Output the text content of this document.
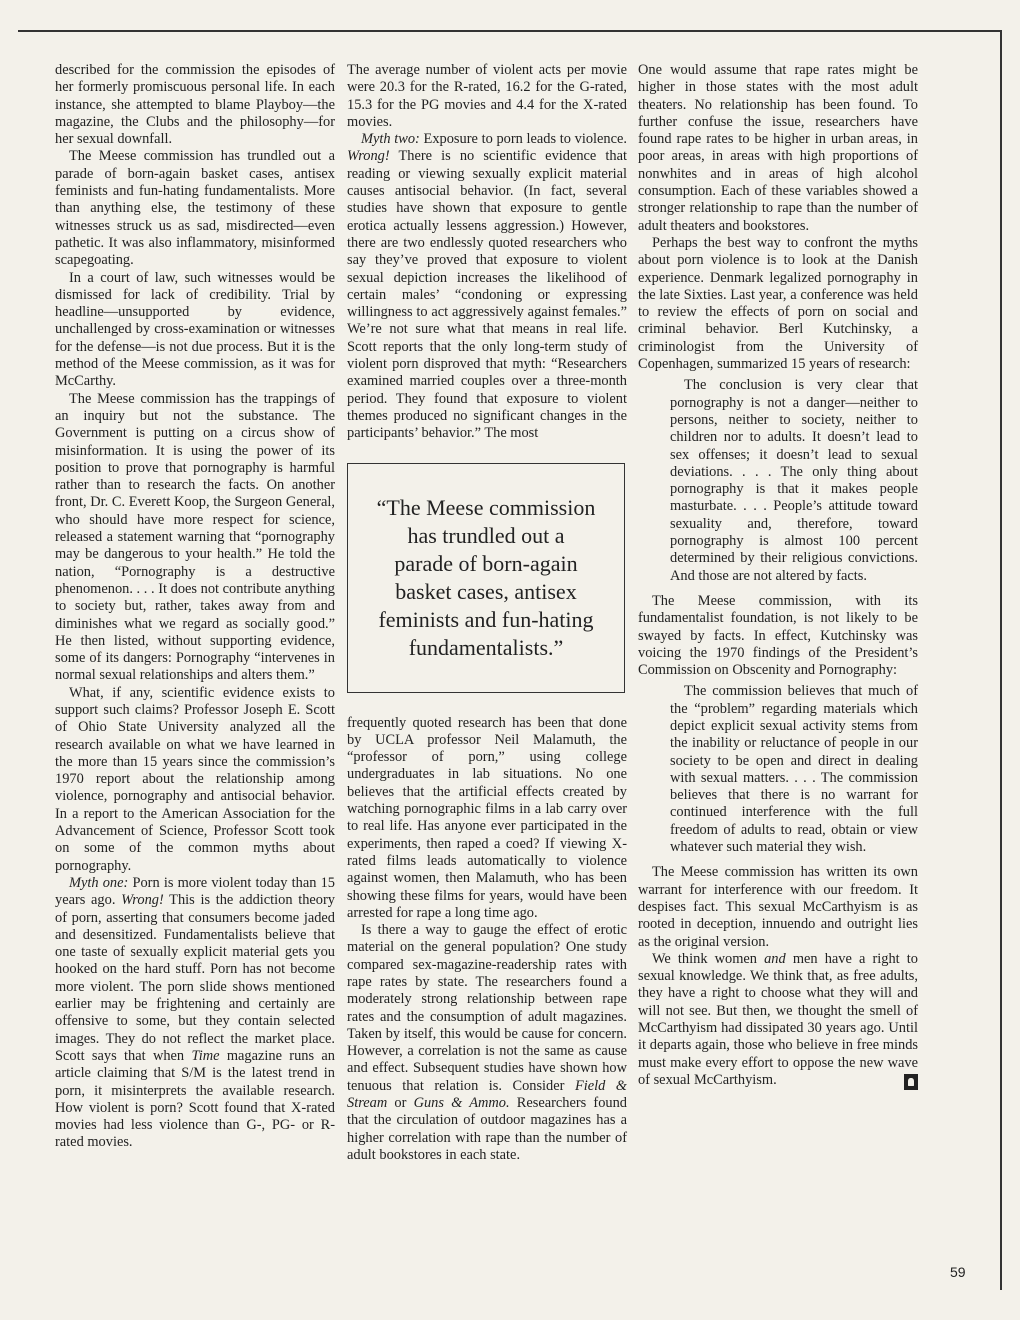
described for the commission the episodes of her formerly promiscuous personal life. In each instance, she attempted to blame Playboy—the magazine, the Clubs and the philosophy—for her sexual downfall.

The Meese commission has trundled out a parade of born-again basket cases, antisex feminists and fun-hating fundamentalists. More than anything else, the testimony of these witnesses struck us as sad, misdirected—even pathetic. It was also inflammatory, misinformed scapegoating.

In a court of law, such witnesses would be dismissed for lack of credibility. Trial by headline—unsupported by evidence, unchallenged by cross-examination or witnesses for the defense—is not due process. But it is the method of the Meese commission, as it was for McCarthy.

The Meese commission has the trappings of an inquiry but not the substance. The Government is putting on a circus show of misinformation. It is using the power of its position to prove that pornography is harmful rather than to research the facts. On another front, Dr. C. Everett Koop, the Surgeon General, who should have more respect for science, released a statement warning that “pornography may be dangerous to your health.” He told the nation, “Pornography is a destructive phenomenon. . . . It does not contribute anything to society but, rather, takes away from and diminishes what we regard as socially good.” He then listed, without supporting evidence, some of its dangers: Pornography “intervenes in normal sexual relationships and alters them.”

What, if any, scientific evidence exists to support such claims? Professor Joseph E. Scott of Ohio State University analyzed all the research available on what we have learned in the more than 15 years since the commission’s 1970 report about the relationship among violence, pornography and antisocial behavior. In a report to the American Association for the Advancement of Science, Professor Scott took on some of the common myths about pornography.

Myth one: Porn is more violent today than 15 years ago. Wrong! This is the addiction theory of porn, asserting that consumers become jaded and desensitized. Fundamentalists believe that one taste of sexually explicit material gets you hooked on the hard stuff. Porn has not become more violent. The porn slide shows mentioned earlier may be frightening and certainly are offensive to some, but they contain selected images. They do not reflect the market place. Scott says that when Time magazine runs an article claiming that S/M is the latest trend in porn, it misinterprets the available research. How violent is porn? Scott found that X-rated movies had less violence than G-, PG- or R-rated movies.

The average number of violent acts per movie were 20.3 for the R-rated, 16.2 for the G-rated, 15.3 for the PG movies and 4.4 for the X-rated movies.

Myth two: Exposure to porn leads to violence. Wrong! There is no scientific evidence that reading or viewing sexually explicit material causes antisocial behavior. (In fact, several studies have shown that exposure to gentle erotica actually lessens aggression.) However, there are two endlessly quoted researchers who say they’ve proved that exposure to violent sexual depiction increases the likelihood of certain males’ “condoning or expressing willingness to act aggressively against females.” We’re not sure what that means in real life. Scott reports that the only long-term study of violent porn disproved that myth: “Researchers examined married couples over a three-month period. They found that exposure to violent themes produced no significant changes in the participants’ behavior.” The most

“The Meese commission
has trundled out a
parade of born-again
basket cases, antisex
feminists and fun-hating
fundamentalists.”

frequently quoted research has been that done by UCLA professor Neil Malamuth, the “professor of porn,” using college undergraduates in lab situations. No one believes that the artificial effects created by watching pornographic films in a lab carry over to real life. Has anyone ever participated in the experiments, then raped a coed? If viewing X-rated films leads automatically to violence against women, then Malamuth, who has been showing these films for years, would have been arrested for rape a long time ago.

Is there a way to gauge the effect of erotic material on the general population? One study compared sex-magazine-readership rates with rape rates by state. The researchers found a moderately strong relationship between rape rates and the consumption of adult magazines. Taken by itself, this would be cause for concern. However, a correlation is not the same as cause and effect. Subsequent studies have shown how tenuous that relation is. Consider Field & Stream or Guns & Ammo. Researchers found that the circulation of outdoor magazines has a higher correlation with rape than the number of adult bookstores in each state.

One would assume that rape rates might be higher in those states with the most adult theaters. No relationship has been found. To further confuse the issue, researchers have found rape rates to be higher in urban areas, in poor areas, in areas with high proportions of nonwhites and in areas of high alcohol consumption. Each of these variables showed a stronger relationship to rape than the number of adult theaters and bookstores.

Perhaps the best way to confront the myths about porn violence is to look at the Danish experience. Denmark legalized pornography in the late Sixties. Last year, a conference was held to review the effects of porn on social and criminal behavior. Berl Kutchinsky, a criminologist from the University of Copenhagen, summarized 15 years of research:

The conclusion is very clear that pornography is not a danger—neither to persons, neither to society, neither to children nor to adults. It doesn’t lead to sex offenses; it doesn’t lead to sexual deviations. . . . The only thing about pornography is that it makes people masturbate. . . . People’s attitude toward sexuality and, therefore, toward pornography is almost 100 percent determined by their religious convictions. And those are not altered by facts.

The Meese commission, with its fundamentalist foundation, is not likely to be swayed by facts. In effect, Kutchinsky was voicing the 1970 findings of the President’s Commission on Obscenity and Pornography:

The commission believes that much of the “problem” regarding materials which depict explicit sexual activity stems from the inability or reluctance of people in our society to be open and direct in dealing with sexual matters. . . . The commission believes that there is no warrant for continued interference with the full freedom of adults to read, obtain or view whatever such material they wish.

The Meese commission has written its own warrant for interference with our freedom. It despises fact. This sexual McCarthyism is as rooted in deception, innuendo and outright lies as the original version.

We think women and men have a right to sexual knowledge. We think that, as free adults, they have a right to choose what they will and will not see. But then, we thought the smell of McCarthyism had dissipated 30 years ago. Until it departs again, those who believe in free minds must make every effort to oppose the new wave of sexual McCarthyism.

59
